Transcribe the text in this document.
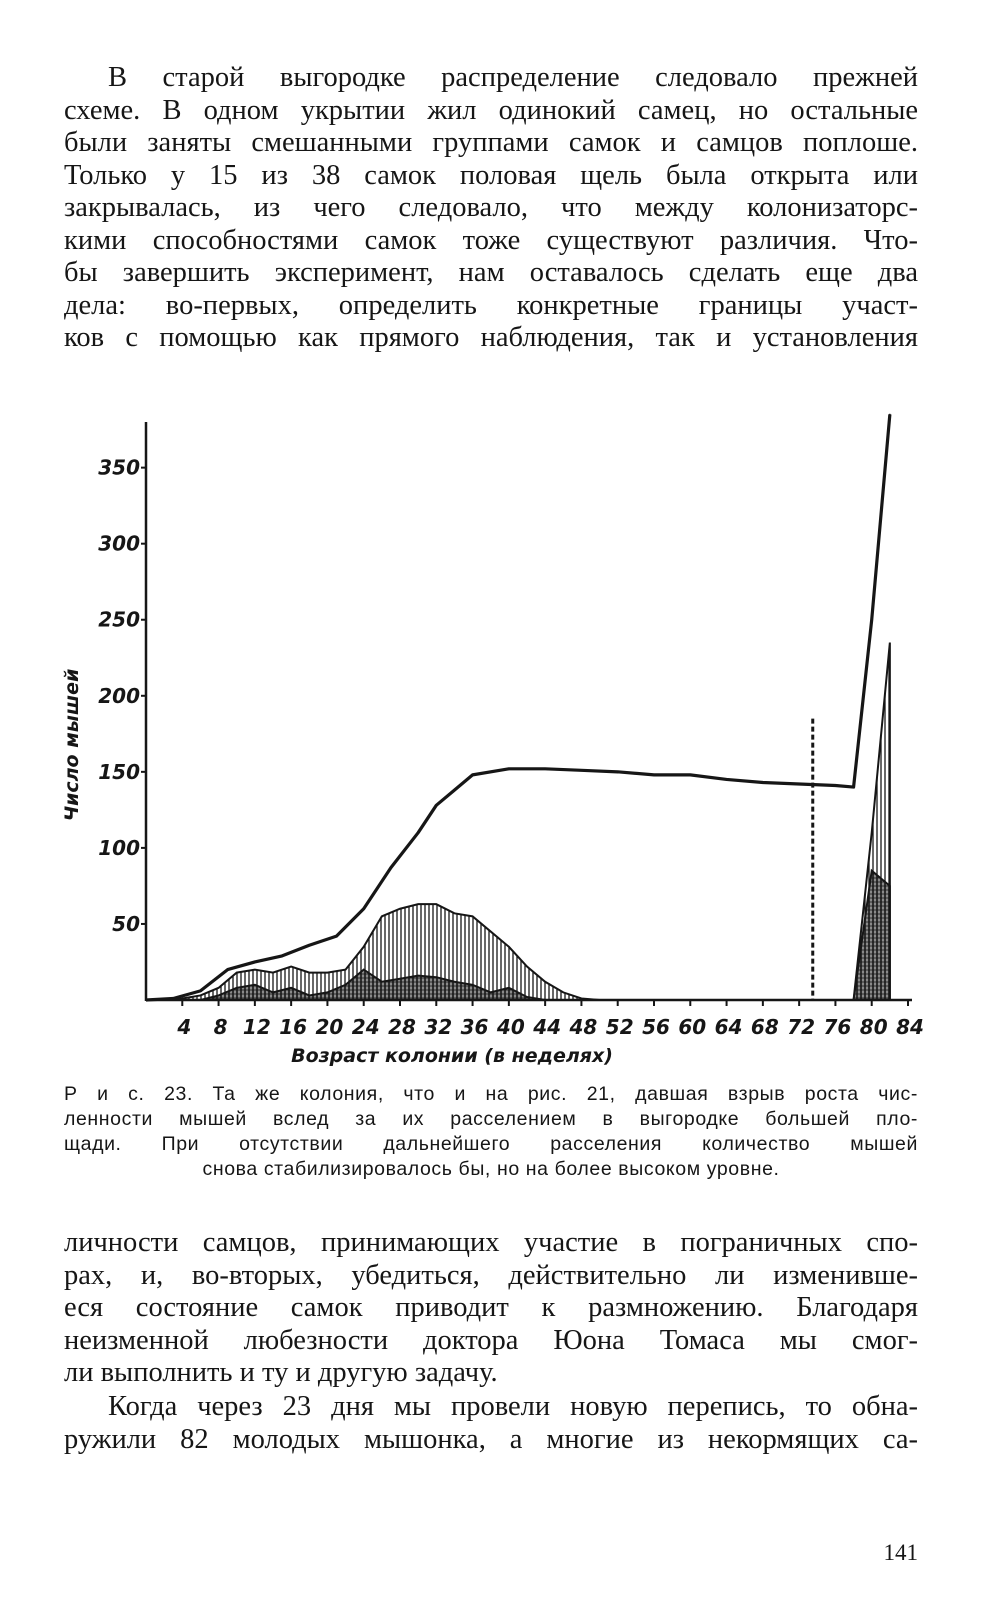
В старой выгородке распределение следовало прежней
схеме. В одном укрытии жил одинокий самец, но остальные
были заняты смешанными группами самок и самцов поплоше.
Только у 15 из 38 самок половая щель была открыта или
закрывалась, из чего следовало, что между колонизаторс-
кими способностями самок тоже существуют различия. Что-
бы завершить эксперимент, нам оставалось сделать еще два
дела: во-первых, определить конкретные границы участ-
ков с помощью как прямого наблюдения, так и установления
50
100
150
200
250
300
350
4 8 12 16 20 24 28 32 36 40 44 48 52 56 60 64 68 72 76 80 84
Число мышей
Возраст колонии (в неделях)
Р и с. 23. Та же колония, что и на рис. 21, давшая взрыв роста чис-
ленности мышей вслед за их расселением в выгородке большей пло-
щади. При отсутствии дальнейшего расселения количество мышей
снова стабилизировалось бы, но на более высоком уровне.
личности самцов, принимающих участие в пограничных спо-
рах, и, во-вторых, убедиться, действительно ли изменивше-
еся состояние самок приводит к размножению. Благодаря
неизменной любезности доктора Юона Томаса мы смог-
ли выполнить и ту и другую задачу.
Когда через 23 дня мы провели новую перепись, то обна-
ружили 82 молодых мышонка, а многие из некормящих са-
141
